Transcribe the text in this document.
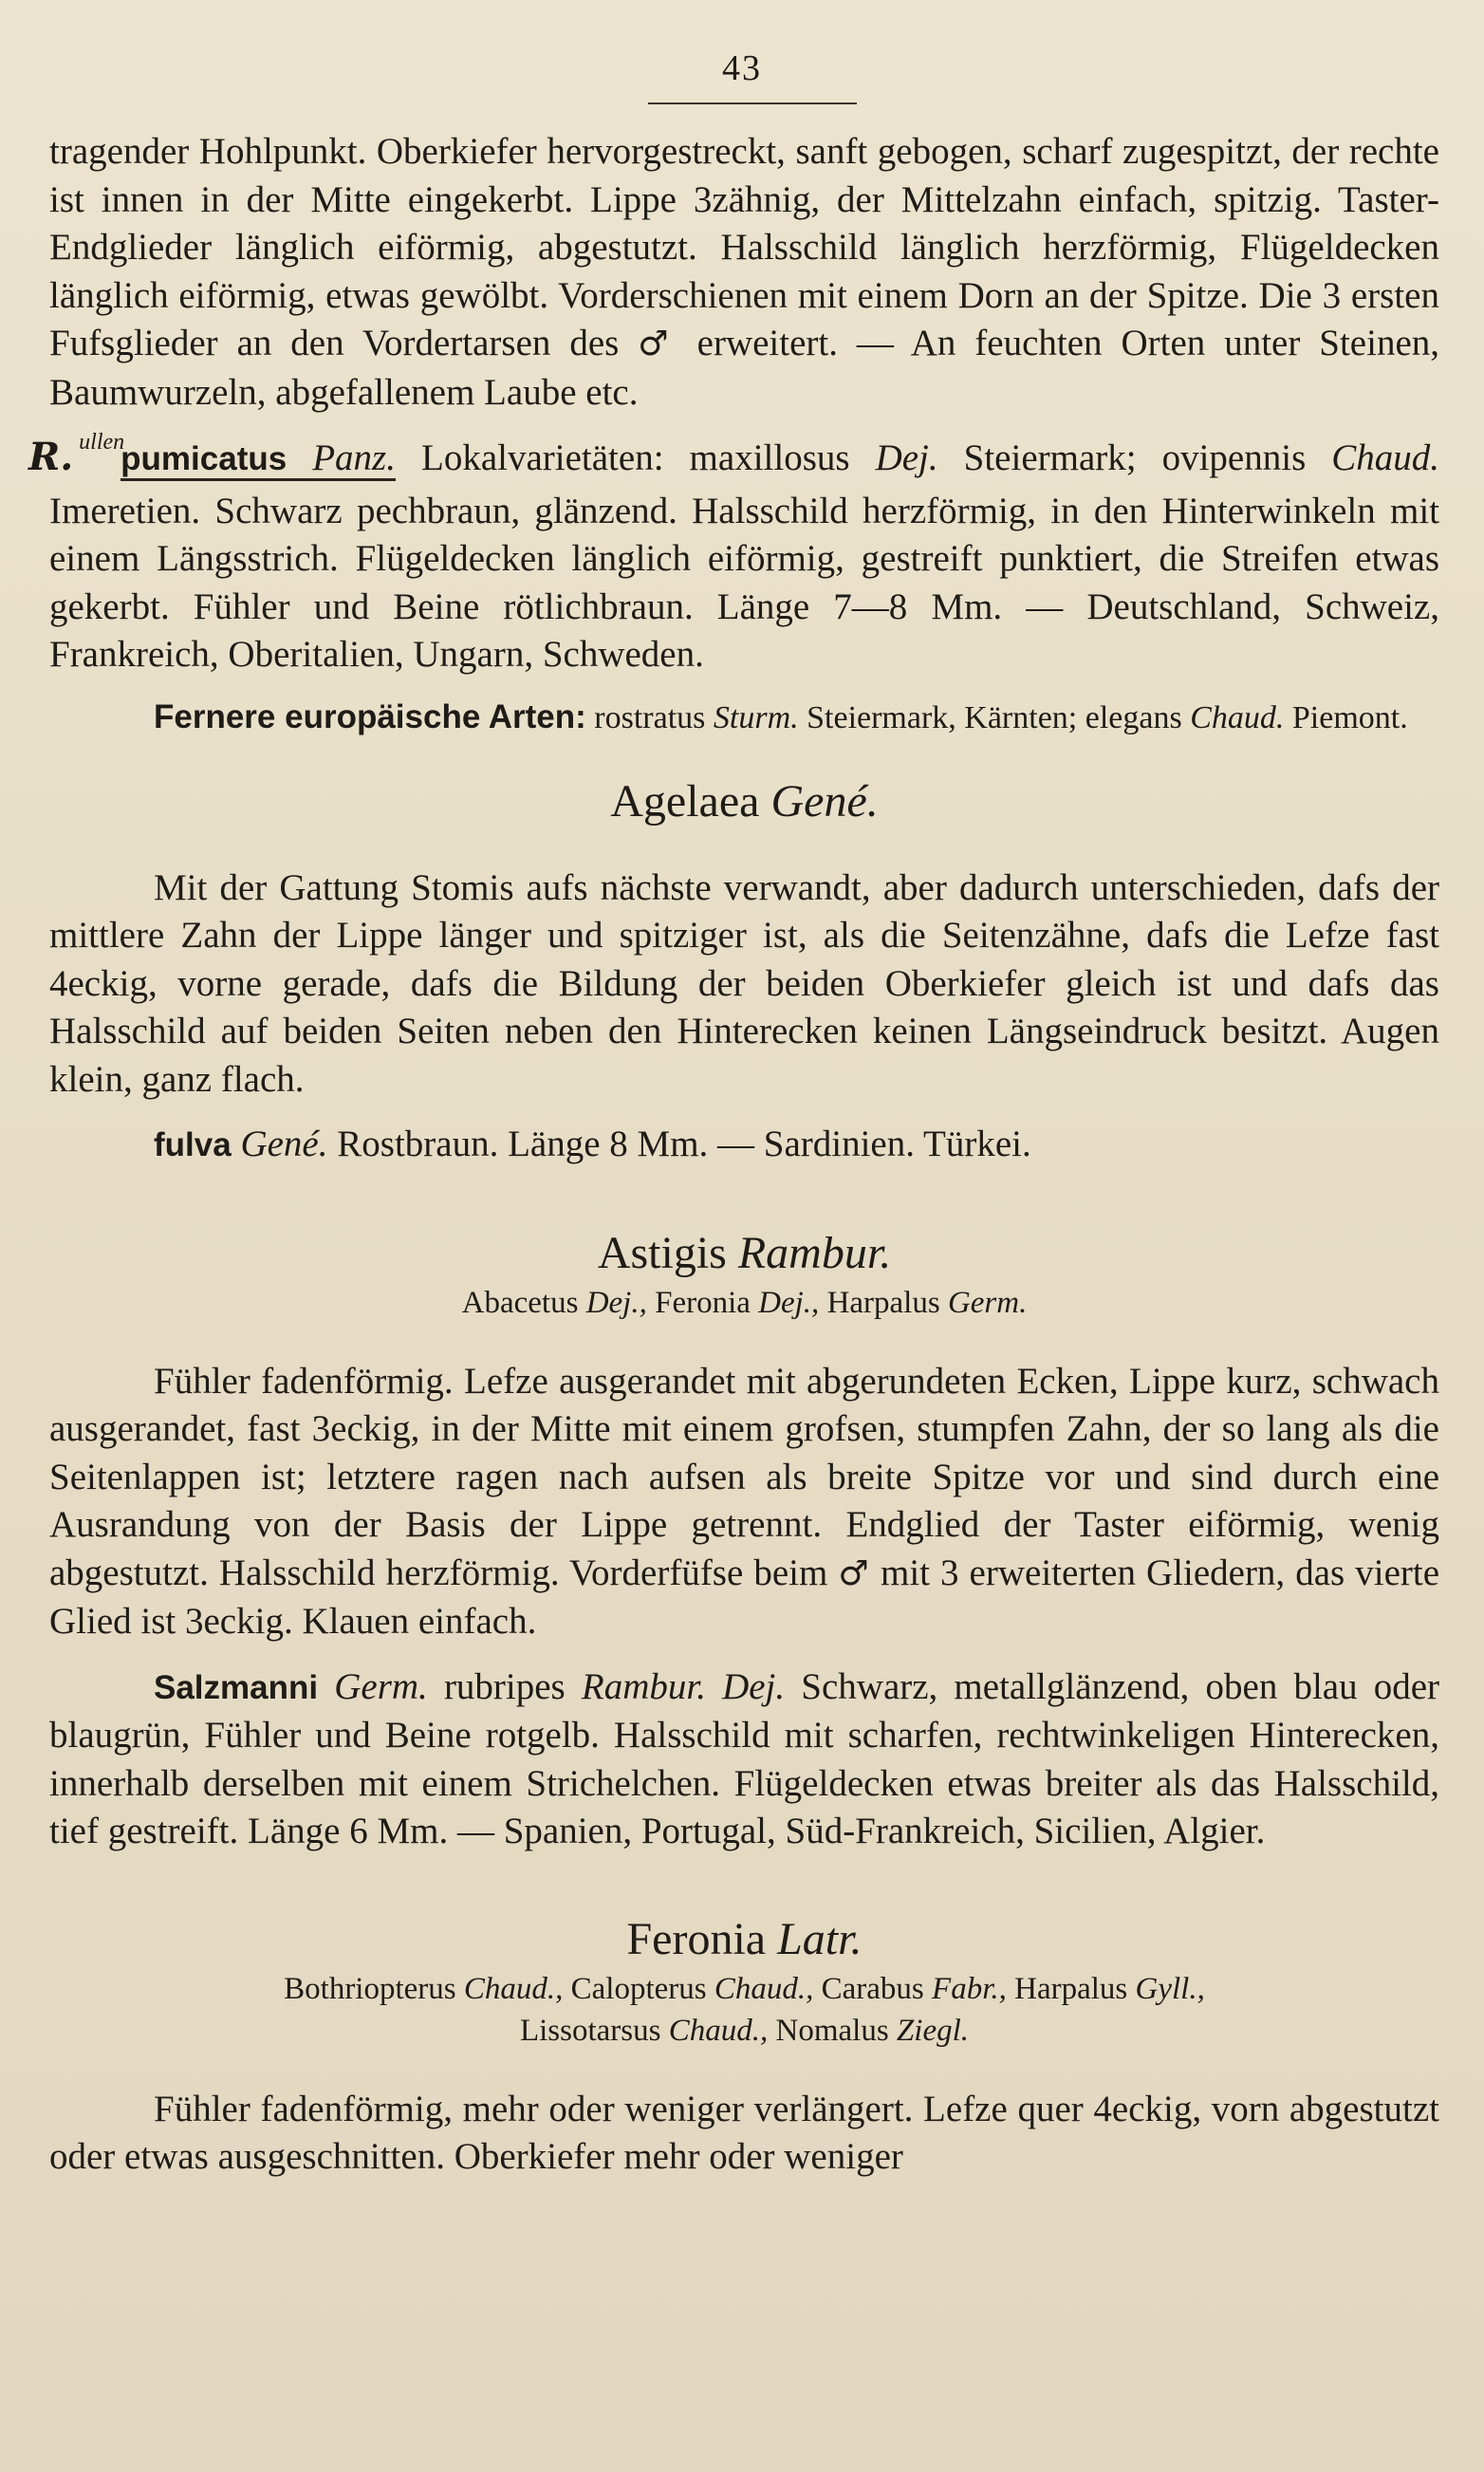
43

tragender Hohlpunkt. Oberkiefer hervorgestreckt, sanft gebogen, scharf zugespitzt, der rechte ist innen in der Mitte eingekerbt. Lippe 3zähnig, der Mittelzahn einfach, spitzig. Taster-Endglieder länglich eiförmig, abgestutzt. Halsschild länglich herzförmig, Flügeldecken länglich eiförmig, etwas gewölbt. Vorderschienen mit einem Dorn an der Spitze. Die 3 ersten Fufsglieder an den Vordertarsen des ♂ erweitert. — An feuchten Orten unter Steinen, Baumwurzeln, abgefallenem Laube etc.

R. $^{ullen}$pumicatus Panz. Lokalvarietäten: maxillosus Dej. Steiermark; ovipennis Chaud. Imeretien. Schwarz pechbraun, glänzend. Halsschild herzförmig, in den Hinterwinkeln mit einem Längsstrich. Flügeldecken länglich eiförmig, gestreift punktiert, die Streifen etwas gekerbt. Fühler und Beine rötlichbraun. Länge 7—8 Mm. — Deutschland, Schweiz, Frankreich, Oberitalien, Ungarn, Schweden.

Fernere europäische Arten: rostratus Sturm. Steiermark, Kärnten; elegans Chaud. Piemont.

Agelaea Gené.

Mit der Gattung Stomis aufs nächste verwandt, aber dadurch unterschieden, dafs der mittlere Zahn der Lippe länger und spitziger ist, als die Seitenzähne, dafs die Lefze fast 4eckig, vorne gerade, dafs die Bildung der beiden Oberkiefer gleich ist und dafs das Halsschild auf beiden Seiten neben den Hinterecken keinen Längseindruck besitzt. Augen klein, ganz flach.

fulva Gené. Rostbraun. Länge 8 Mm. — Sardinien. Türkei.

Astigis Rambur.

Abacetus Dej., Feronia Dej., Harpalus Germ.

Fühler fadenförmig. Lefze ausgerandet mit abgerundeten Ecken, Lippe kurz, schwach ausgerandet, fast 3eckig, in der Mitte mit einem grofsen, stumpfen Zahn, der so lang als die Seitenlappen ist; letztere ragen nach aufsen als breite Spitze vor und sind durch eine Ausrandung von der Basis der Lippe getrennt. Endglied der Taster eiförmig, wenig abgestutzt. Halsschild herzförmig. Vorderfüfse beim ♂ mit 3 erweiterten Gliedern, das vierte Glied ist 3eckig. Klauen einfach.

Salzmanni Germ. rubripes Rambur. Dej. Schwarz, metallglänzend, oben blau oder blaugrün, Fühler und Beine rotgelb. Halsschild mit scharfen, rechtwinkeligen Hinterecken, innerhalb derselben mit einem Strichelchen. Flügeldecken etwas breiter als das Halsschild, tief gestreift. Länge 6 Mm. — Spanien, Portugal, Süd-Frankreich, Sicilien, Algier.

Feronia Latr.

Bothriopterus Chaud., Calopterus Chaud., Carabus Fabr., Harpalus Gyll.,

Lissotarsus Chaud., Nomalus Ziegl.

Fühler fadenförmig, mehr oder weniger verlängert. Lefze quer 4eckig, vorn abgestutzt oder etwas ausgeschnitten. Oberkiefer mehr oder weniger
